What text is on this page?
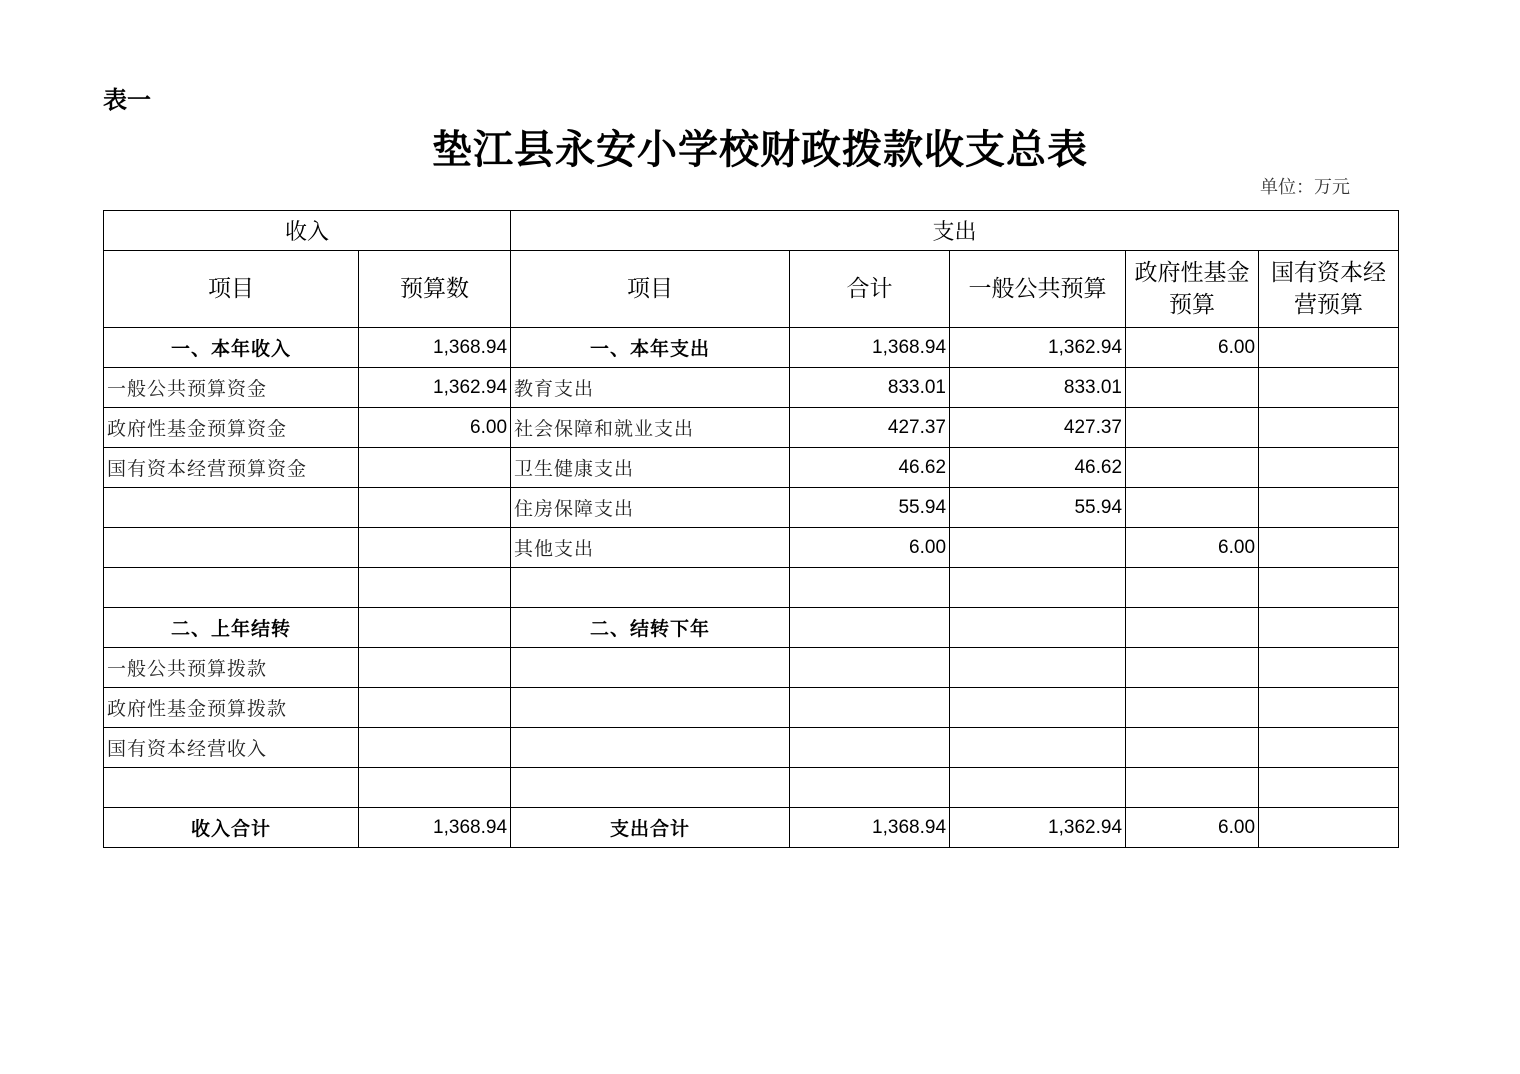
表一
垫江县永安小学校财政拨款收支总表
单位：万元
收入		支出				
项目	预算数	项目	合计	一般公共预算	政府性基金预算	国有资本经营预算
一、本年收入	1,368.94	一、本年支出	1,368.94	1,362.94	6.00	
一般公共预算资金	1,362.94	教育支出	833.01	833.01		
政府性基金预算资金	6.00	社会保障和就业支出	427.37	427.37		
国有资本经营预算资金		卫生健康支出	46.62	46.62		
		住房保障支出	55.94	55.94		
		其他支出	6.00		6.00	

二、上年结转		二、结转下年				
一般公共预算拨款						
政府性基金预算拨款						
国有资本经营收入						

收入合计	1,368.94	支出合计	1,368.94	1,362.94	6.00	
